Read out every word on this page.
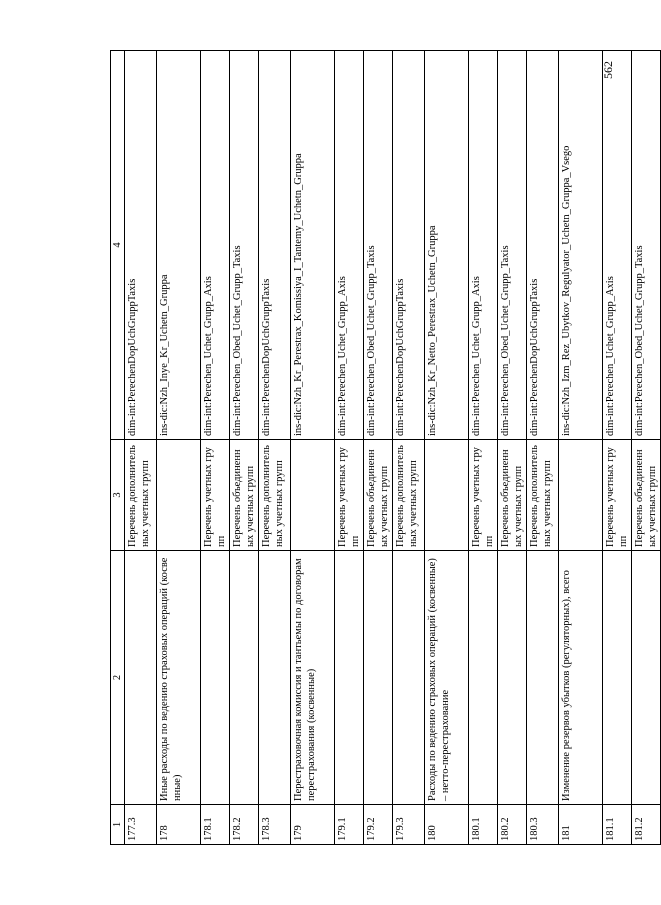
1	2	3	4
177.3		Перечень дополнительных учетных групп	dim-int:PerechenDopUchGruppTaxis
178	Иные расходы по ведению страховых операций (косвенные)		ins-dic:Nzh_Inye_Kr_Uchetn_Gruppa
178.1		Перечень учетных групп	dim-int:Perechen_Uchet_Grupp_Axis
178.2		Перечень объединенных учетных групп	dim-int:Perechen_Obed_Uchet_Grupp_Taxis
178.3		Перечень дополнительных учетных групп	dim-int:PerechenDopUchGruppTaxis
179	Перестраховочная комиссия и тантьемы по договорам перестрахования (косвенные)		ins-dic:Nzh_Kr_Perestrax_Komissiya_I_Tantemy_Uchetn_Gruppa
179.1		Перечень учетных групп	dim-int:Perechen_Uchet_Grupp_Axis
179.2		Перечень объединенных учетных групп	dim-int:Perechen_Obed_Uchet_Grupp_Taxis
179.3		Перечень дополнительных учетных групп	dim-int:PerechenDopUchGruppTaxis
180	Расходы по ведению страховых операций (косвенные) – нетто-перестрахование		ins-dic:Nzh_Kr_Netto_Perestrax_Uchetn_Gruppa
180.1		Перечень учетных групп	dim-int:Perechen_Uchet_Grupp_Axis
180.2		Перечень объединенных учетных групп	dim-int:Perechen_Obed_Uchet_Grupp_Taxis
180.3		Перечень дополнительных учетных групп	dim-int:PerechenDopUchGruppTaxis
181	Изменение резервов убытков (регуляторных), всего		ins-dic:Nzh_Izm_Rez_Ubytkov_Regulyator_Uchetn_Gruppa_Vsego
181.1		Перечень учетных групп	dim-int:Perechen_Uchet_Grupp_Axis
181.2		Перечень объединенных учетных групп	dim-int:Perechen_Obed_Uchet_Grupp_Taxis
562
